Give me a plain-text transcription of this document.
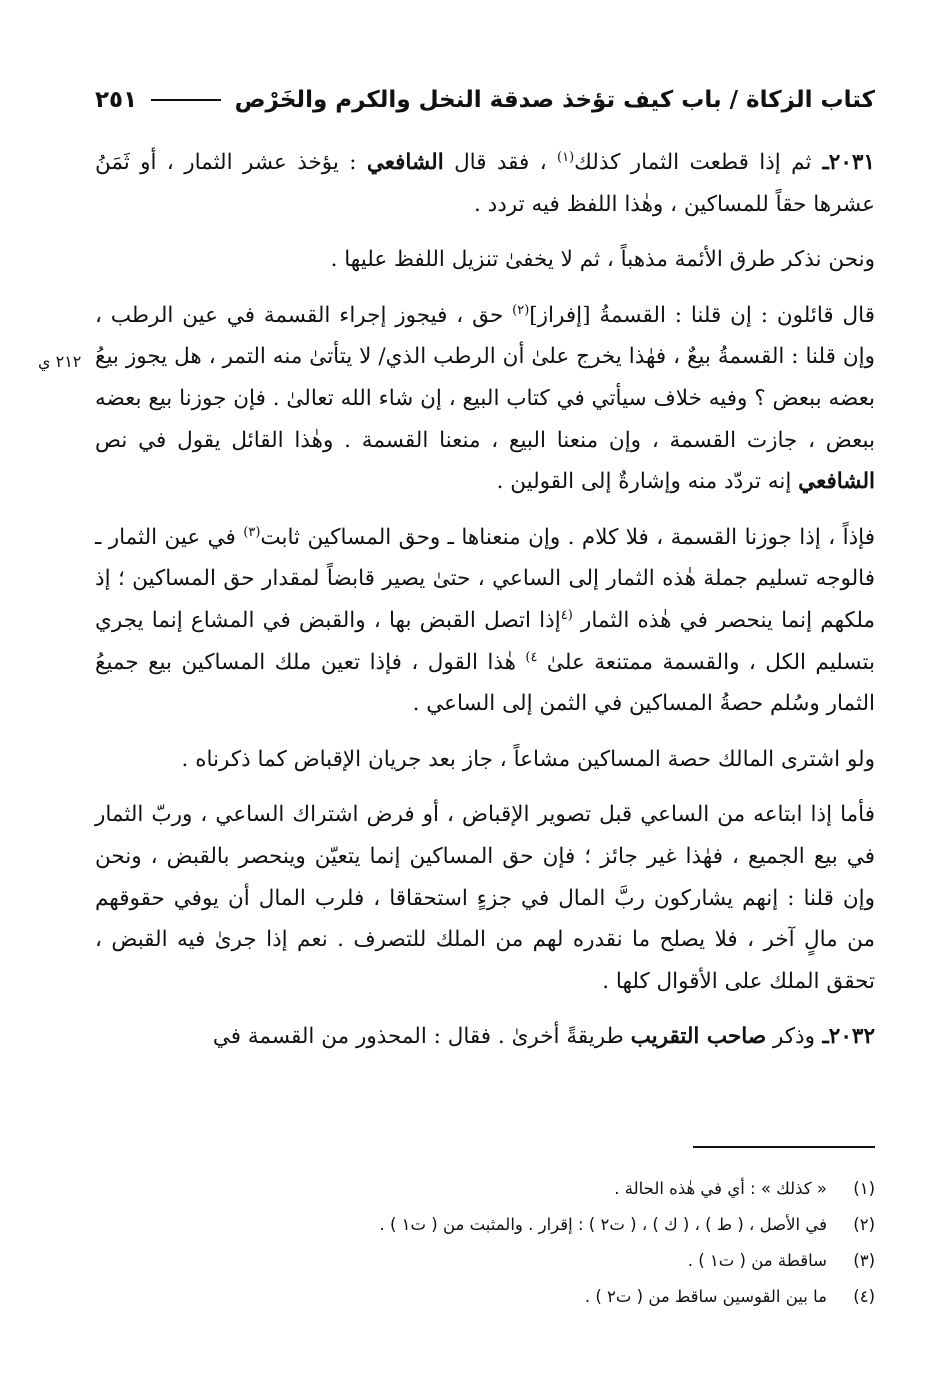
كتاب الزكاة / باب كيف تؤخذ صدقة النخل والكرم والخَرْص
٢٥١

٢٠٣١ـ ثم إذا قطعت الثمار كذلك$^{(١)}$ ، فقد قال الشافعي : يؤخذ عشر الثمار ، أو ثَمَنُ عشرها حقاً للمساكين ، وهٰذا اللفظ فيه تردد .

ونحن نذكر طرق الأئمة مذهباً ، ثم لا يخفىٰ تنزيل اللفظ عليها .

قال قائلون : إن قلنا : القسمةُ [إفراز]$^{(٢)}$ حق ، فيجوز إجراء القسمة في عين الرطب ، وإن قلنا : القسمةُ بيعٌ ، فهٰذا يخرج علىٰ أن الرطب الذي/ لا يتأتىٰ منه التمر ، هل يجوز بيعُ بعضه ببعض ؟ وفيه خلاف سيأتي في كتاب البيع ، إن شاء الله تعالىٰ . فإن جوزنا بيع بعضه ببعض ، جازت القسمة ، وإن منعنا البيع ، منعنا القسمة . وهٰذا القائل يقول في نص الشافعي إنه تردّد منه وإشارةٌ إلى القولين .

فإذاً ، إذا جوزنا القسمة ، فلا كلام . وإن منعناها ـ وحق المساكين ثابت$^{(٣)}$ في عين الثمار ـ فالوجه تسليم جملة هٰذه الثمار إلى الساعي ، حتىٰ يصير قابضاً لمقدار حق المساكين ؛ إذ ملكهم إنما ينحصر في هٰذه الثمار $^{(٤}$إذا اتصل القبض بها ، والقبض في المشاع إنما يجري بتسليم الكل ، والقسمة ممتنعة علىٰ $^{٤)}$ هٰذا القول ، فإذا تعين ملك المساكين بيع جميعُ الثمار وسُلم حصةُ المساكين في الثمن إلى الساعي .

ولو اشترى المالك حصة المساكين مشاعاً ، جاز بعد جريان الإقباض كما ذكرناه .

فأما إذا ابتاعه من الساعي قبل تصوير الإقباض ، أو فرض اشتراك الساعي ، وربّ الثمار في بيع الجميع ، فهٰذا غير جائز ؛ فإن حق المساكين إنما يتعيّن وينحصر بالقبض ، ونحن وإن قلنا : إنهم يشاركون ربَّ المال في جزءٍ استحقاقا ، فلرب المال أن يوفي حقوقهم من مالٍ آخر ، فلا يصلح ما نقدره لهم من الملك للتصرف . نعم إذا جرىٰ فيه القبض ، تحقق الملك على الأقوال كلها .

٢٠٣٢ـ وذكر صاحب التقريب طريقةً أخرىٰ . فقال : المحذور من القسمة في

٢١٢ ي
(١)
« كذلك » : أي في هٰذه الحالة .
(٢)
في الأصل ، ( ط ) ، ( ك ) ، ( ت٢ ) : إقرار . والمثبت من ( ت١ ) .
(٣)
ساقطة من ( ت١ ) .
(٤)
ما بين القوسين ساقط من ( ت٢ ) .
